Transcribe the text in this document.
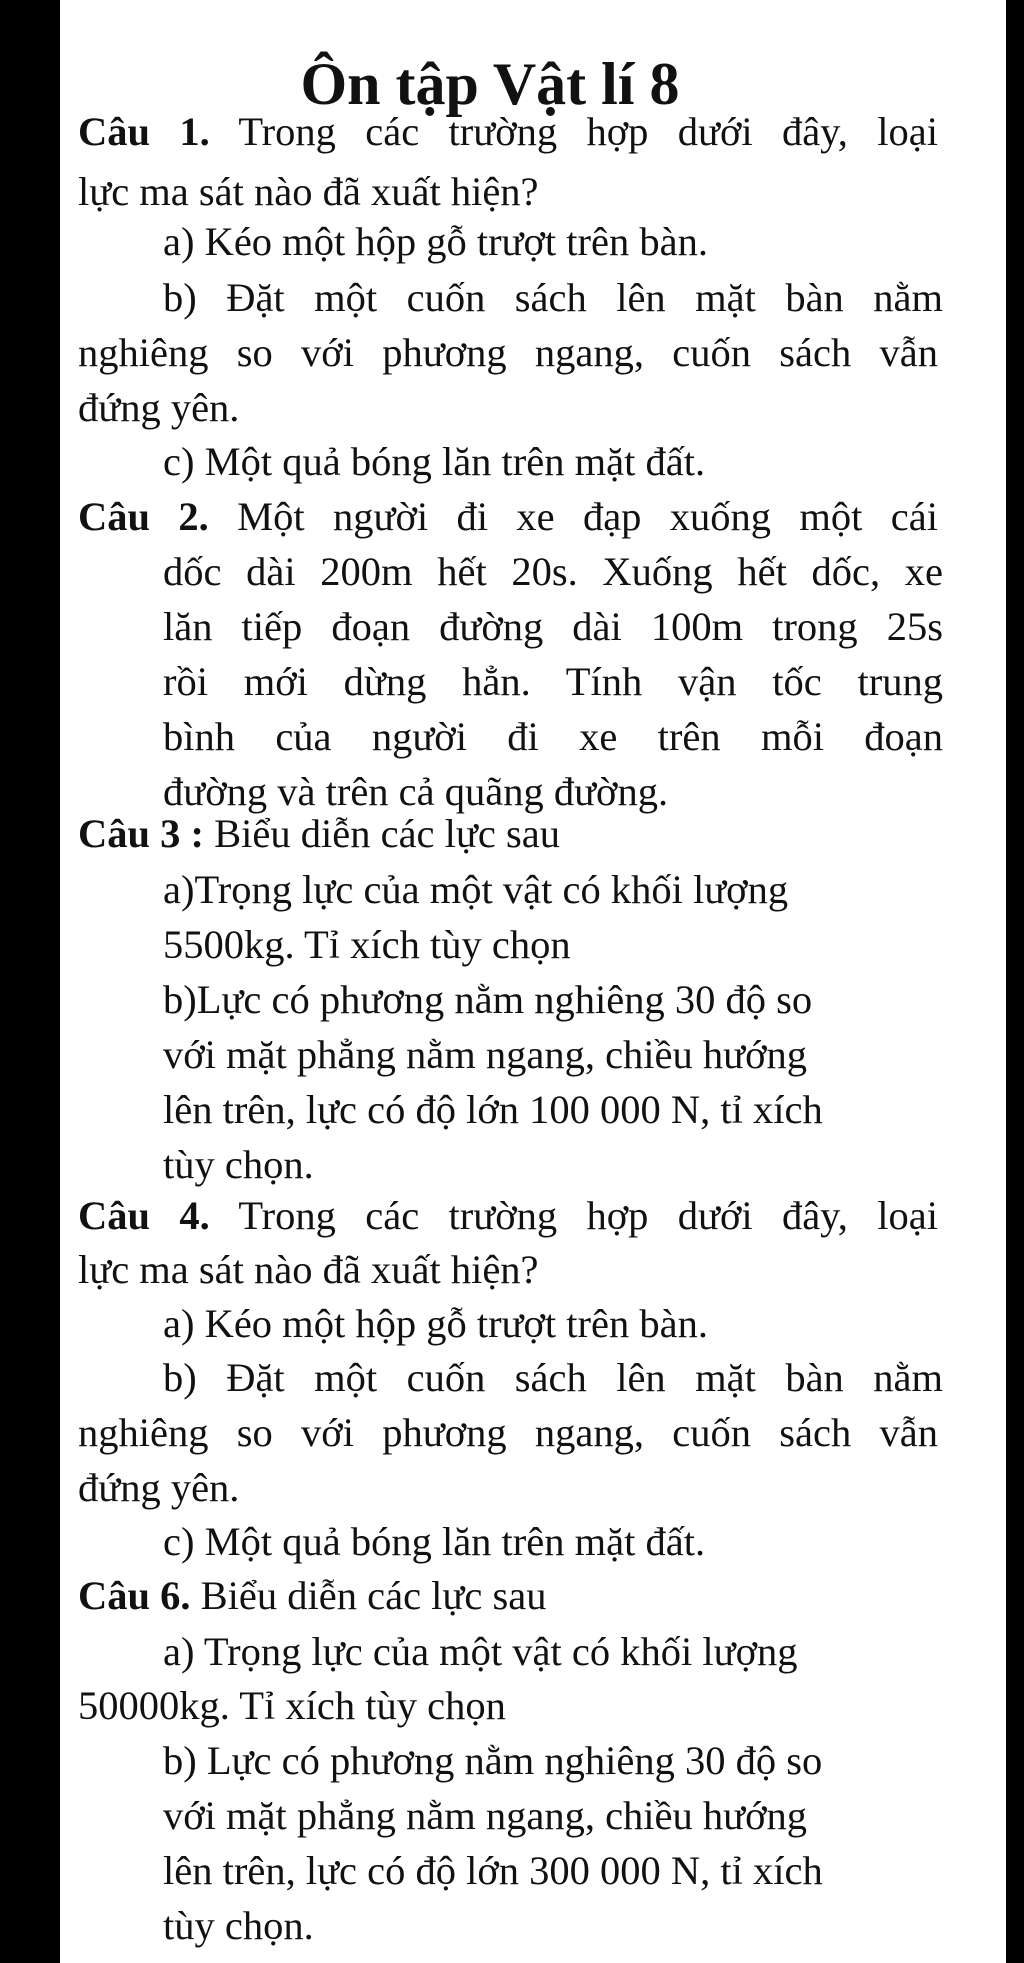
Ôn tập Vật lí 8
Câu 1. Trong các trường hợp dưới đây, loại
lực ma sát nào đã xuất hiện?
a) Kéo một hộp gỗ trượt trên bàn.
b) Đặt một cuốn sách lên mặt bàn nằm
nghiêng so với phương ngang, cuốn sách vẫn
đứng yên.
c) Một quả bóng lăn trên mặt đất.
Câu 2. Một người đi xe đạp xuống một cái
dốc dài 200m hết 20s. Xuống hết dốc, xe
lăn tiếp đoạn đường dài 100m trong 25s
rồi mới dừng hẳn. Tính vận tốc trung
bình của người đi xe trên mỗi đoạn
đường và trên cả quãng đường.
Câu 3 : Biểu diễn các lực sau
a)Trọng lực của một vật có khối lượng
5500kg. Tỉ xích tùy chọn
b)Lực có phương nằm nghiêng 30 độ so
với mặt phẳng nằm ngang, chiều hướng
lên trên, lực có độ lớn 100 000 N, tỉ xích
tùy chọn.
Câu 4. Trong các trường hợp dưới đây, loại
lực ma sát nào đã xuất hiện?
a) Kéo một hộp gỗ trượt trên bàn.
b) Đặt một cuốn sách lên mặt bàn nằm
nghiêng so với phương ngang, cuốn sách vẫn
đứng yên.
c) Một quả bóng lăn trên mặt đất.
Câu 6. Biểu diễn các lực sau
a) Trọng lực của một vật có khối lượng
50000kg. Tỉ xích tùy chọn
b) Lực có phương nằm nghiêng 30 độ so
với mặt phẳng nằm ngang, chiều hướng
lên trên, lực có độ lớn 300 000 N, tỉ xích
tùy chọn.
